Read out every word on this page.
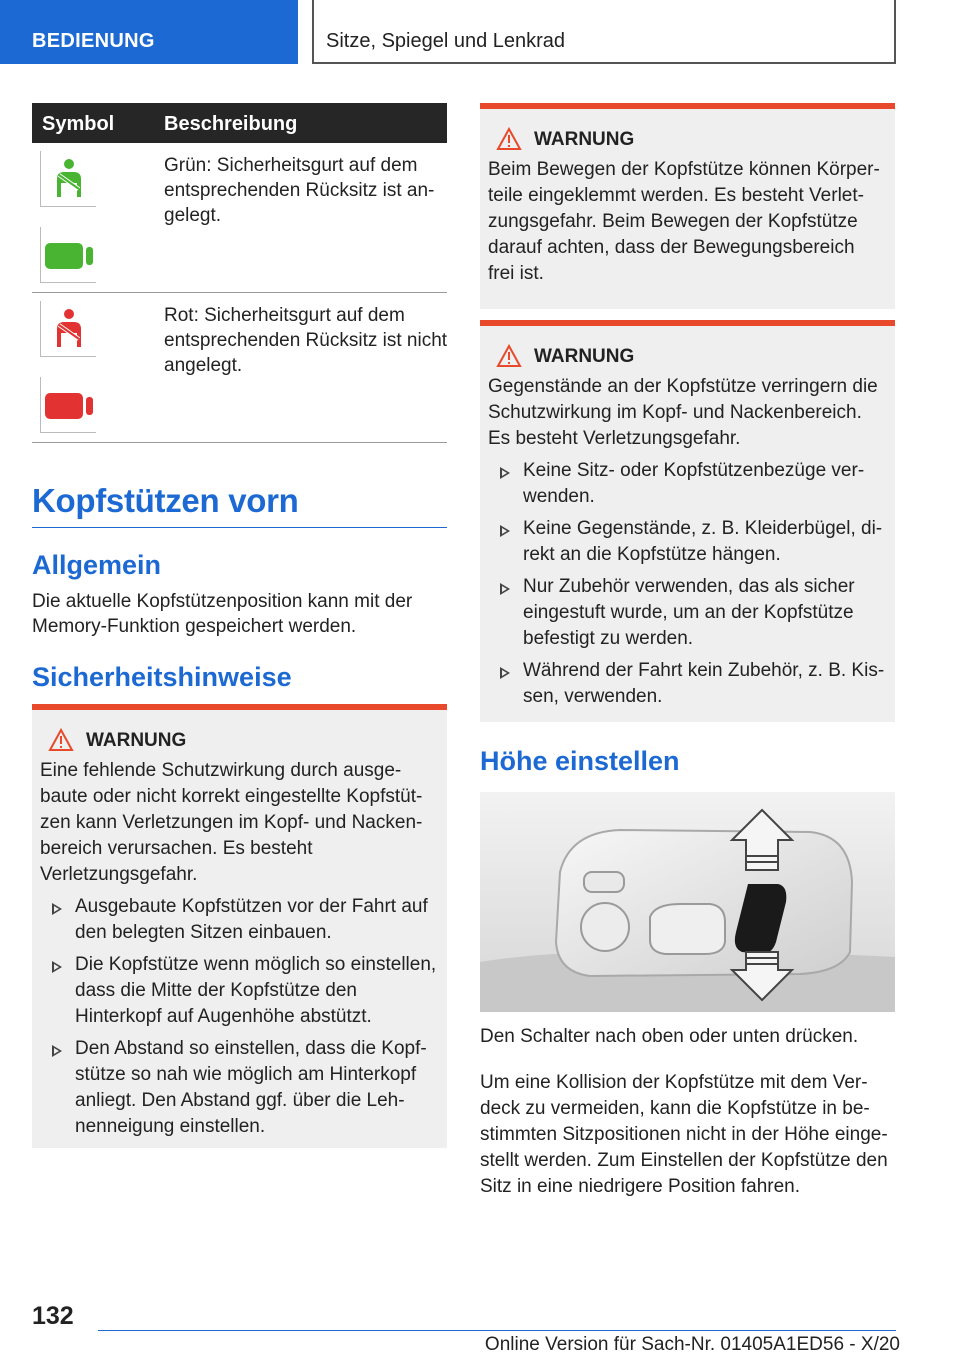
BEDIENUNG	Sitze, Spiegel und Lenkrad
Symbol Beschreibung
Grün: Sicherheitsgurt auf dem entsprechenden Rücksitz ist angelegt.
Rot: Sicherheitsgurt auf dem entsprechenden Rücksitz ist nicht angelegt.
Kopfstützen vorn
Allgemein
Die aktuelle Kopfstützenposition kann mit der Memory-Funktion gespeichert werden.
Sicherheitshinweise
WARNUNG
Eine fehlende Schutzwirkung durch ausgebaute oder nicht korrekt eingestellte Kopfstützen kann Verletzungen im Kopf- und Nackenbereich verursachen. Es besteht Verletzungsgefahr.
Ausgebaute Kopfstützen vor der Fahrt auf den belegten Sitzen einbauen.
Die Kopfstütze wenn möglich so einstellen, dass die Mitte der Kopfstütze den Hinterkopf auf Augenhöhe abstützt.
Den Abstand so einstellen, dass die Kopfstütze so nah wie möglich am Hinterkopf anliegt. Den Abstand ggf. über die Lehnenneigung einstellen.
WARNUNG
Beim Bewegen der Kopfstütze können Körperteile eingeklemmt werden. Es besteht Verletzungsgefahr. Beim Bewegen der Kopfstütze darauf achten, dass der Bewegungsbereich frei ist.
WARNUNG
Gegenstände an der Kopfstütze verringern die Schutzwirkung im Kopf- und Nackenbereich. Es besteht Verletzungsgefahr.
Keine Sitz- oder Kopfstützenbezüge verwenden.
Keine Gegenstände, z. B. Kleiderbügel, direkt an die Kopfstütze hängen.
Nur Zubehör verwenden, das als sicher eingestuft wurde, um an der Kopfstütze befestigt zu werden.
Während der Fahrt kein Zubehör, z. B. Kissen, verwenden.
Höhe einstellen
Den Schalter nach oben oder unten drücken.
Um eine Kollision der Kopfstütze mit dem Verdeck zu vermeiden, kann die Kopfstütze in bestimmten Sitzpositionen nicht in der Höhe eingestellt werden. Zum Einstellen der Kopfstütze den Sitz in eine niedrigere Position fahren.
132
Online Version für Sach-Nr. 01405A1ED56 - X/20
